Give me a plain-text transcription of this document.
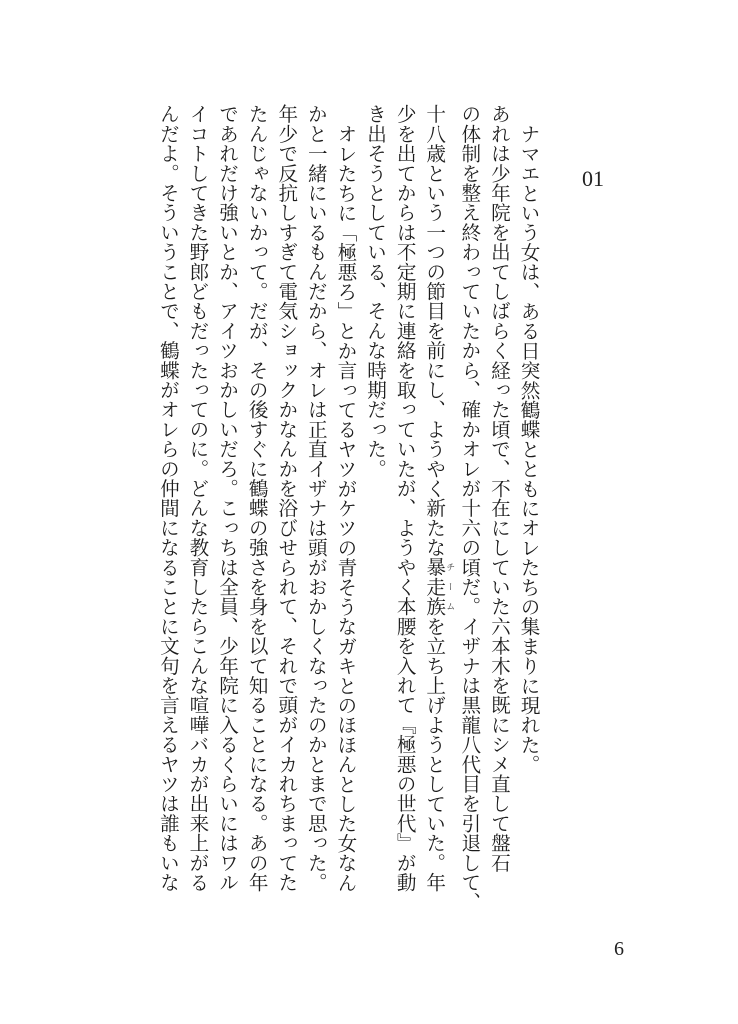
01
ナマエという女は、ある日突然鶴蝶とともにオレたちの集まりに現れた。
あれは少年院を出てしばらく経った頃で、不在にしていた六本木を既にシメ直して盤石
の体制を整え終わっていたから、確かオレが十六の頃だ。イザナは黒龍八代目を引退して、
十八歳という一つの節目を前にし、ようやく新たな暴走族チームを立ち上げようとしていた。年
少を出てからは不定期に連絡を取っていたが、ようやく本腰を入れて『極悪の世代』が動
き出そうとしている、そんな時期だった。
オレたちに「極悪ろ」とか言ってるヤツがケツの青そうなガキとのほほんとした女なん
かと一緒にいるもんだから、オレは正直イザナは頭がおかしくなったのかとまで思った。
年少で反抗しすぎて電気ショックかなんかを浴びせられて、それで頭がイカれちまってた
たんじゃないかって。だが、その後すぐに鶴蝶の強さを身を以て知ることになる。あの年
であれだけ強いとか、アイツおかしいだろ。こっちは全員、少年院に入るくらいにはワル
イコトしてきた野郎どもだったってのに。どんな教育したらこんな喧嘩バカが出来上がる
んだよ。そういうことで、鶴蝶がオレらの仲間になることに文句を言えるヤツは誰もいな
6
